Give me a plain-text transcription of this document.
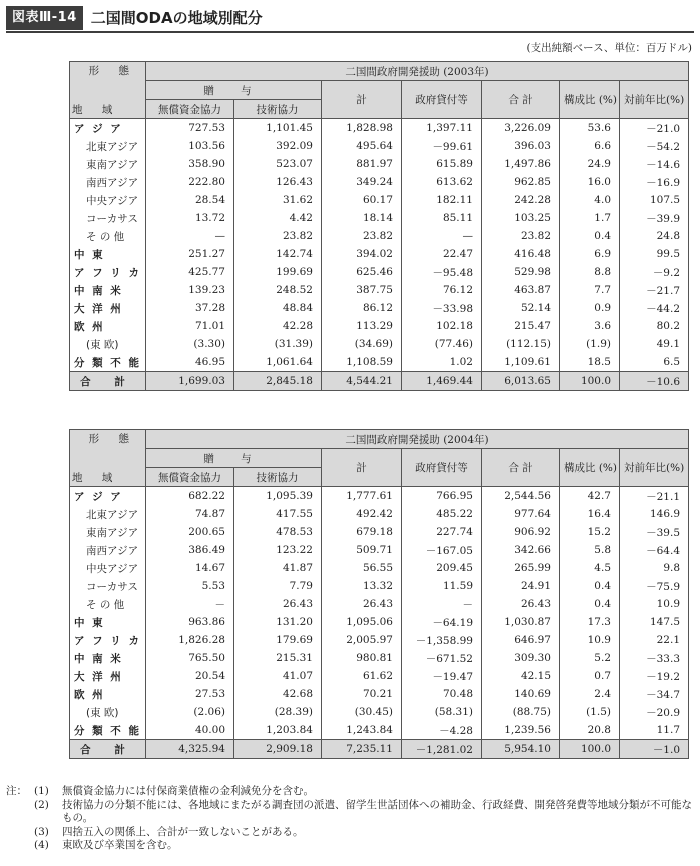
図表Ⅲ-14 二国間ODAの地域別配分
(支出純額ベース、単位：百万ドル)
形 態
地 域	二国間政府開発援助 (2003年)						
	贈 与		計	政府貸付等	合 計	構成比 (%)	対前年比(%)
	無償資金協力	技術協力					
ア ジ ア	727.53	1,101.45	1,828.98	1,397.11	3,226.09	53.6	－21.0
北東アジア	103.56	392.09	495.64	－99.61	396.03	6.6	－54.2
東南アジア	358.90	523.07	881.97	615.89	1,497.86	24.9	－14.6
南西アジア	222.80	126.43	349.24	613.62	962.85	16.0	－16.9
中央アジア	28.54	31.62	60.17	182.11	242.28	4.0	107.5
コーカサス	13.72	4.42	18.14	85.11	103.25	1.7	－39.9
そ の 他	—	23.82	23.82	—	23.82	0.4	24.8
中 東	251.27	142.74	394.02	22.47	416.48	6.9	99.5
ア フ リ カ	425.77	199.69	625.46	－95.48	529.98	8.8	－9.2
中 南 米	139.23	248.52	387.75	76.12	463.87	7.7	－21.7
大 洋 州	37.28	48.84	86.12	－33.98	52.14	0.9	－44.2
欧 州	71.01	42.28	113.29	102.18	215.47	3.6	80.2
(東 欧)	(3.30)	(31.39)	(34.69)	(77.46)	(112.15)	(1.9)	49.1
分 類 不 能	46.95	1,061.64	1,108.59	1.02	1,109.61	18.5	6.5
合 計	1,699.03	2,845.18	4,544.21	1,469.44	6,013.65	100.0	－10.6
形 態
地 域	二国間政府開発援助 (2004年)						
	贈 与		計	政府貸付等	合 計	構成比 (%)	対前年比(%)
	無償資金協力	技術協力					
ア ジ ア	682.22	1,095.39	1,777.61	766.95	2,544.56	42.7	－21.1
北東アジア	74.87	417.55	492.42	485.22	977.64	16.4	146.9
東南アジア	200.65	478.53	679.18	227.74	906.92	15.2	－39.5
南西アジア	386.49	123.22	509.71	－167.05	342.66	5.8	－64.4
中央アジア	14.67	41.87	56.55	209.45	265.99	4.5	9.8
コーカサス	5.53	7.79	13.32	11.59	24.91	0.4	－75.9
そ の 他	－	26.43	26.43	－	26.43	0.4	10.9
中 東	963.86	131.20	1,095.06	－64.19	1,030.87	17.3	147.5
ア フ リ カ	1,826.28	179.69	2,005.97	－1,358.99	646.97	10.9	22.1
中 南 米	765.50	215.31	980.81	－671.52	309.30	5.2	－33.3
大 洋 州	20.54	41.07	61.62	－19.47	42.15	0.7	－19.2
欧 州	27.53	42.68	70.21	70.48	140.69	2.4	－34.7
(東 欧)	(2.06)	(28.39)	(30.45)	(58.31)	(88.75)	(1.5)	－20.9
分 類 不 能	40.00	1,203.84	1,243.84	－4.28	1,239.56	20.8	11.7
合 計	4,325.94	2,909.18	7,235.11	－1,281.02	5,954.10	100.0	－1.0
注： (1)	無償資金協力には付保商業債権の金利減免分を含む。
(2)	技術協力の分類不能には、各地域にまたがる調査団の派遣、留学生世話団体への補助金、行政経費、開発啓発費等地域分類が不可能なもの。
(3)	四捨五入の関係上、合計が一致しないことがある。
(4)	東欧及び卒業国を含む。
